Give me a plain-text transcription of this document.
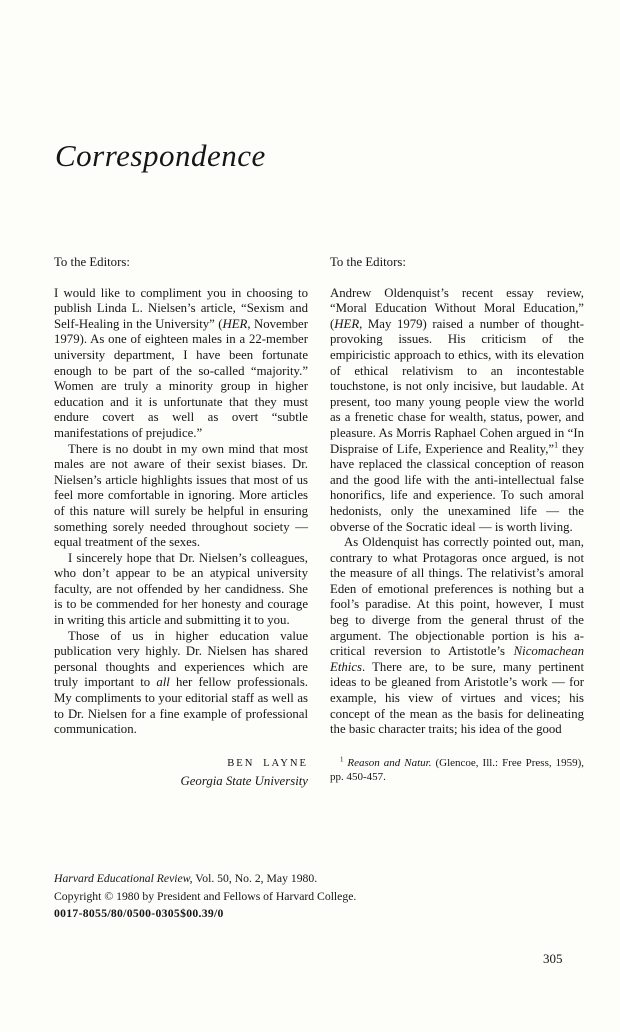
Correspondence

To the Editors:

I would like to compliment you in choosing to publish Linda L. Nielsen’s article, “Sexism and Self-Healing in the University” (HER, November 1979). As one of eighteen males in a 22-member university department, I have been fortunate enough to be part of the so-called “majority.” Women are truly a minority group in higher education and it is unfortunate that they must endure covert as well as overt “subtle manifestations of prejudice.”

There is no doubt in my own mind that most males are not aware of their sexist biases. Dr. Nielsen’s article highlights issues that most of us feel more comfortable in ignoring. More articles of this nature will surely be helpful in ensuring something sorely needed throughout society — equal treatment of the sexes.

I sincerely hope that Dr. Nielsen’s colleagues, who don’t appear to be an atypical university faculty, are not offended by her candidness. She is to be commended for her honesty and courage in writing this article and submitting it to you.

Those of us in higher education value publication very highly. Dr. Nielsen has shared personal thoughts and experiences which are truly important to all her fellow professionals. My compliments to your editorial staff as well as to Dr. Nielsen for a fine example of professional communication.

BEN LAYNE
Georgia State University

To the Editors:

Andrew Oldenquist’s recent essay review, “Moral Education Without Moral Education,” (HER, May 1979) raised a number of thought-provoking issues. His criticism of the empiricistic approach to ethics, with its elevation of ethical relativism to an incontestable touchstone, is not only incisive, but laudable. At present, too many young people view the world as a frenetic chase for wealth, status, power, and pleasure. As Morris Raphael Cohen argued in “In Dispraise of Life, Experience and Reality,”$^1$ they have replaced the classical conception of reason and the good life with the anti-intellectual false honorifics, life and experience. To such amoral hedonists, only the unexamined life — the obverse of the Socratic ideal — is worth living.

As Oldenquist has correctly pointed out, man, contrary to what Protagoras once argued, is not the measure of all things. The relativist’s amoral Eden of emotional preferences is nothing but a fool’s paradise. At this point, however, I must beg to diverge from the general thrust of the argument. The objectionable portion is his a-critical reversion to Artistotle’s Nicomachean Ethics. There are, to be sure, many pertinent ideas to be gleaned from Aristotle’s work — for example, his view of virtues and vices; his concept of the mean as the basis for delineating the basic character traits; his idea of the good

$^1$ Reason and Natur. (Glencoe, Ill.: Free Press, 1959), pp. 450-457.

Harvard Educational Review, Vol. 50, No. 2, May 1980.
Copyright © 1980 by President and Fellows of Harvard College.
0017-8055/80/0500-0305$00.39/0
305
